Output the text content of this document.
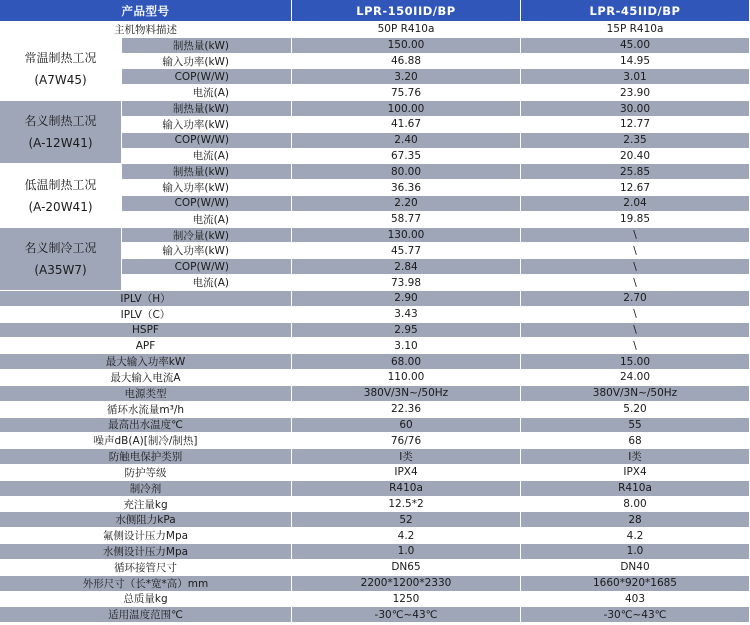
产品型号	LPR-150IID/BP	LPR-45IID/BP
主机物料描述	50P R410a	15P R410a
常温制热工况
(A7W45)
制热量(kW)	150.00	45.00
输入功率(kW)	46.88	14.95
COP(W/W)	3.20	3.01
电流(A)	75.76	23.90
名义制热工况
(A-12W41)
制热量(kW)	100.00	30.00
输入功率(kW)	41.67	12.77
COP(W/W)	2.40	2.35
电流(A)	67.35	20.40
低温制热工况
(A-20W41)
制热量(kW)	80.00	25.85
输入功率(kW)	36.36	12.67
COP(W/W)	2.20	2.04
电流(A)	58.77	19.85
名义制冷工况
(A35W7)
制冷量(kW)	130.00	\
输入功率(kW)	45.77	\
COP(W/W)	2.84	\
电流(A)	73.98	\
IPLV（H）	2.90	2.70
IPLV（C）	3.43	\
HSPF	2.95	\
APF	3.10	\
最大输入功率kW	68.00	15.00
最大输入电流A	110.00	24.00
电源类型	380V/3N~/50Hz	380V/3N~/50Hz
循环水流量m³/h	22.36	5.20
最高出水温度℃	60	55
噪声dB(A)[制冷/制热]	76/76	68
防触电保护类别	I类	I类
防护等级	IPX4	IPX4
制冷剂	R410a	R410a
充注量kg	12.5*2	8.00
水侧阻力kPa	52	28
氟侧设计压力Mpa	4.2	4.2
水侧设计压力Mpa	1.0	1.0
循环接管尺寸	DN65	DN40
外形尺寸（长*宽*高）mm	2200*1200*2330	1660*920*1685
总质量kg	1250	403
适用温度范围℃	-30℃~43℃	-30℃~43℃
